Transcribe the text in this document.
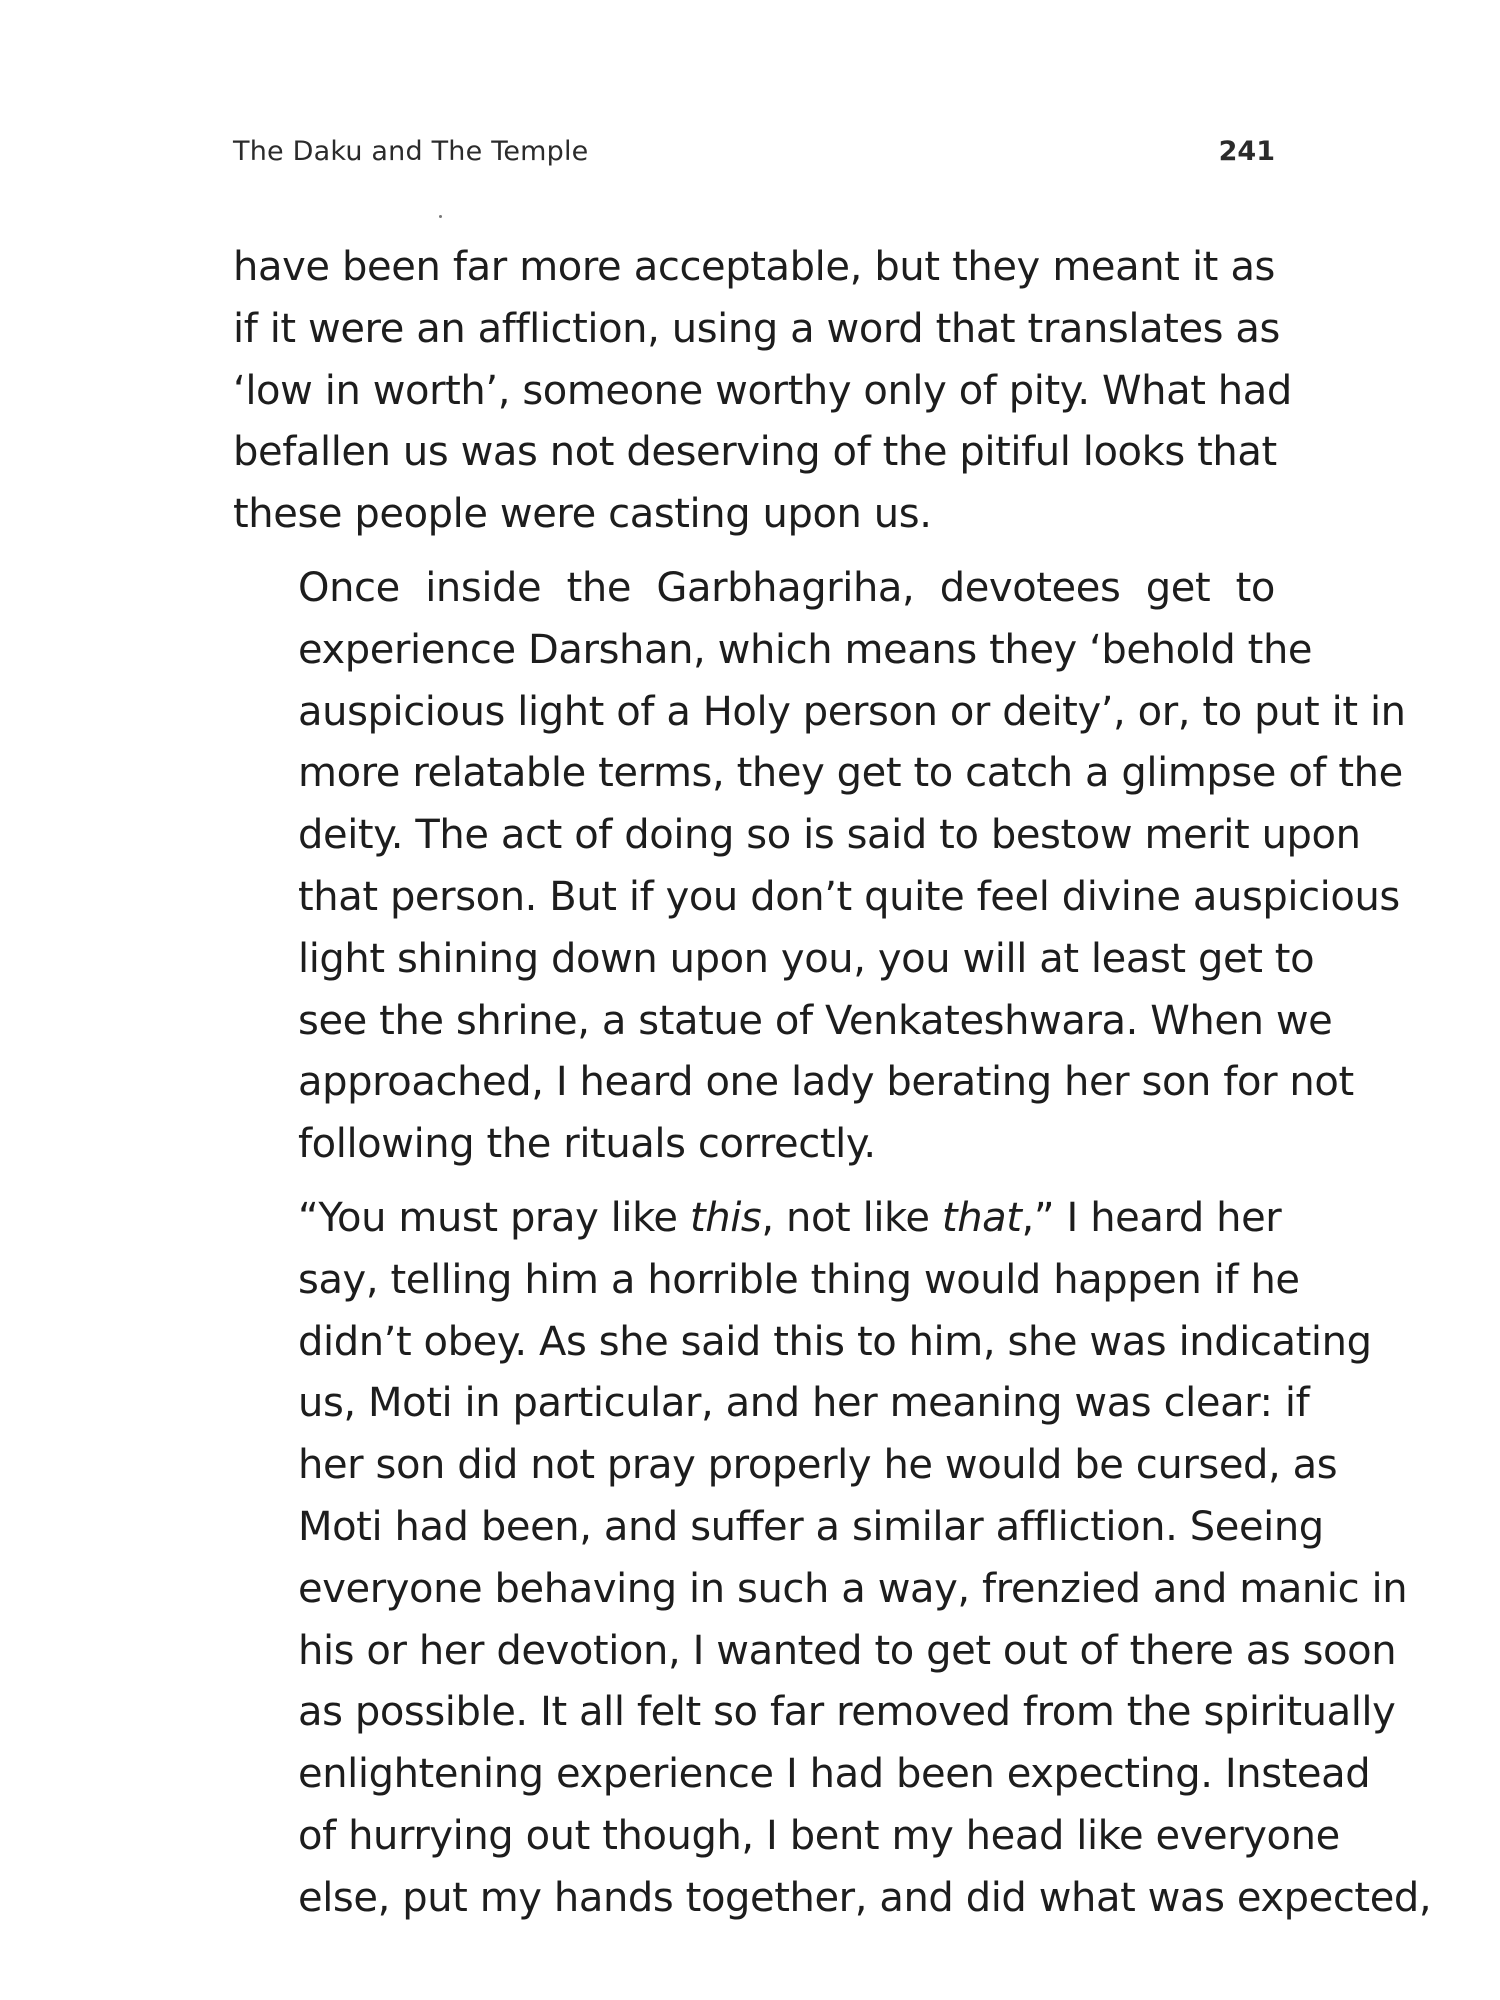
The Daku and The Temple	241

have been far more acceptable, but they meant it as
if it were an affliction, using a word that translates as
‘low in worth’, someone worthy only of pity. What had
befallen us was not deserving of the pitiful looks that
these people were casting upon us.

Once inside the Garbhagriha, devotees get to
experience Darshan, which means they ‘behold the
auspicious light of a Holy person or deity’, or, to put it in
more relatable terms, they get to catch a glimpse of the
deity. The act of doing so is said to bestow merit upon
that person. But if you don’t quite feel divine auspicious
light shining down upon you, you will at least get to
see the shrine, a statue of Venkateshwara. When we
approached, I heard one lady berating her son for not
following the rituals correctly.

“You must pray like this, not like that,” I heard her
say, telling him a horrible thing would happen if he
didn’t obey. As she said this to him, she was indicating
us, Moti in particular, and her meaning was clear: if
her son did not pray properly he would be cursed, as
Moti had been, and suffer a similar affliction. Seeing
everyone behaving in such a way, frenzied and manic in
his or her devotion, I wanted to get out of there as soon
as possible. It all felt so far removed from the spiritually
enlightening experience I had been expecting. Instead
of hurrying out though, I bent my head like everyone
else, put my hands together, and did what was expected,
